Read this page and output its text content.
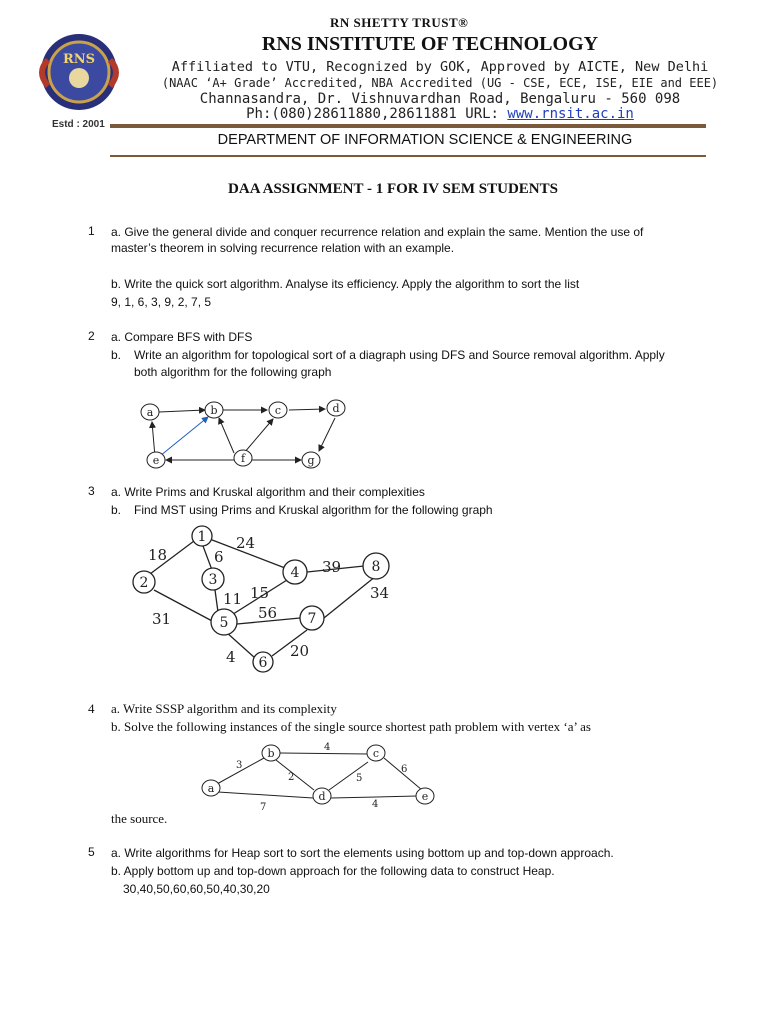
RNS
Estd : 2001
RN SHETTY TRUST®
RNS INSTITUTE OF TECHNOLOGY
Affiliated to VTU, Recognized by GOK, Approved by AICTE, New Delhi
(NAAC ‘A+ Grade’ Accredited, NBA Accredited (UG - CSE, ECE, ISE, EIE and EEE)
Channasandra, Dr. Vishnuvardhan Road, Bengaluru - 560 098
Ph:(080)28611880,28611881 URL: www.rnsit.ac.in
DEPARTMENT OF INFORMATION SCIENCE & ENGINEERING
DAA ASSIGNMENT - 1 FOR IV SEM STUDENTS
1 a. Give the general divide and conquer recurrence relation and explain the same. Mention the use of
master’s theorem in solving recurrence relation with an example.
b. Write the quick sort algorithm. Analyse its efficiency. Apply the algorithm to sort the list
9, 1, 6, 3, 9, 2, 7, 5
2 a. Compare BFS with DFS
b. Write an algorithm for topological sort of a diagraph using DFS and Source removal algorithm. Apply
both algorithm for the following graph
a	b	c	d
e	f	g
3 a. Write Prims and Kruskal algorithm and their complexities
b. Find MST using Prims and Kruskal algorithm for the following graph
1
2	3	4
5
6
7
8
18
24
6
11 15
39
31	56
34
4	20
4 a. Write SSSP algorithm and its complexity
b. Solve the following instances of the single source shortest path problem with vertex ‘a’ as
a
b	c
d	e
3
4
2	5
6
7	4
the source.
5 a. Write algorithms for Heap sort to sort the elements using bottom up and top-down approach.
b. Apply bottom up and top-down approach for the following data to construct Heap.
30,40,50,60,60,50,40,30,20
